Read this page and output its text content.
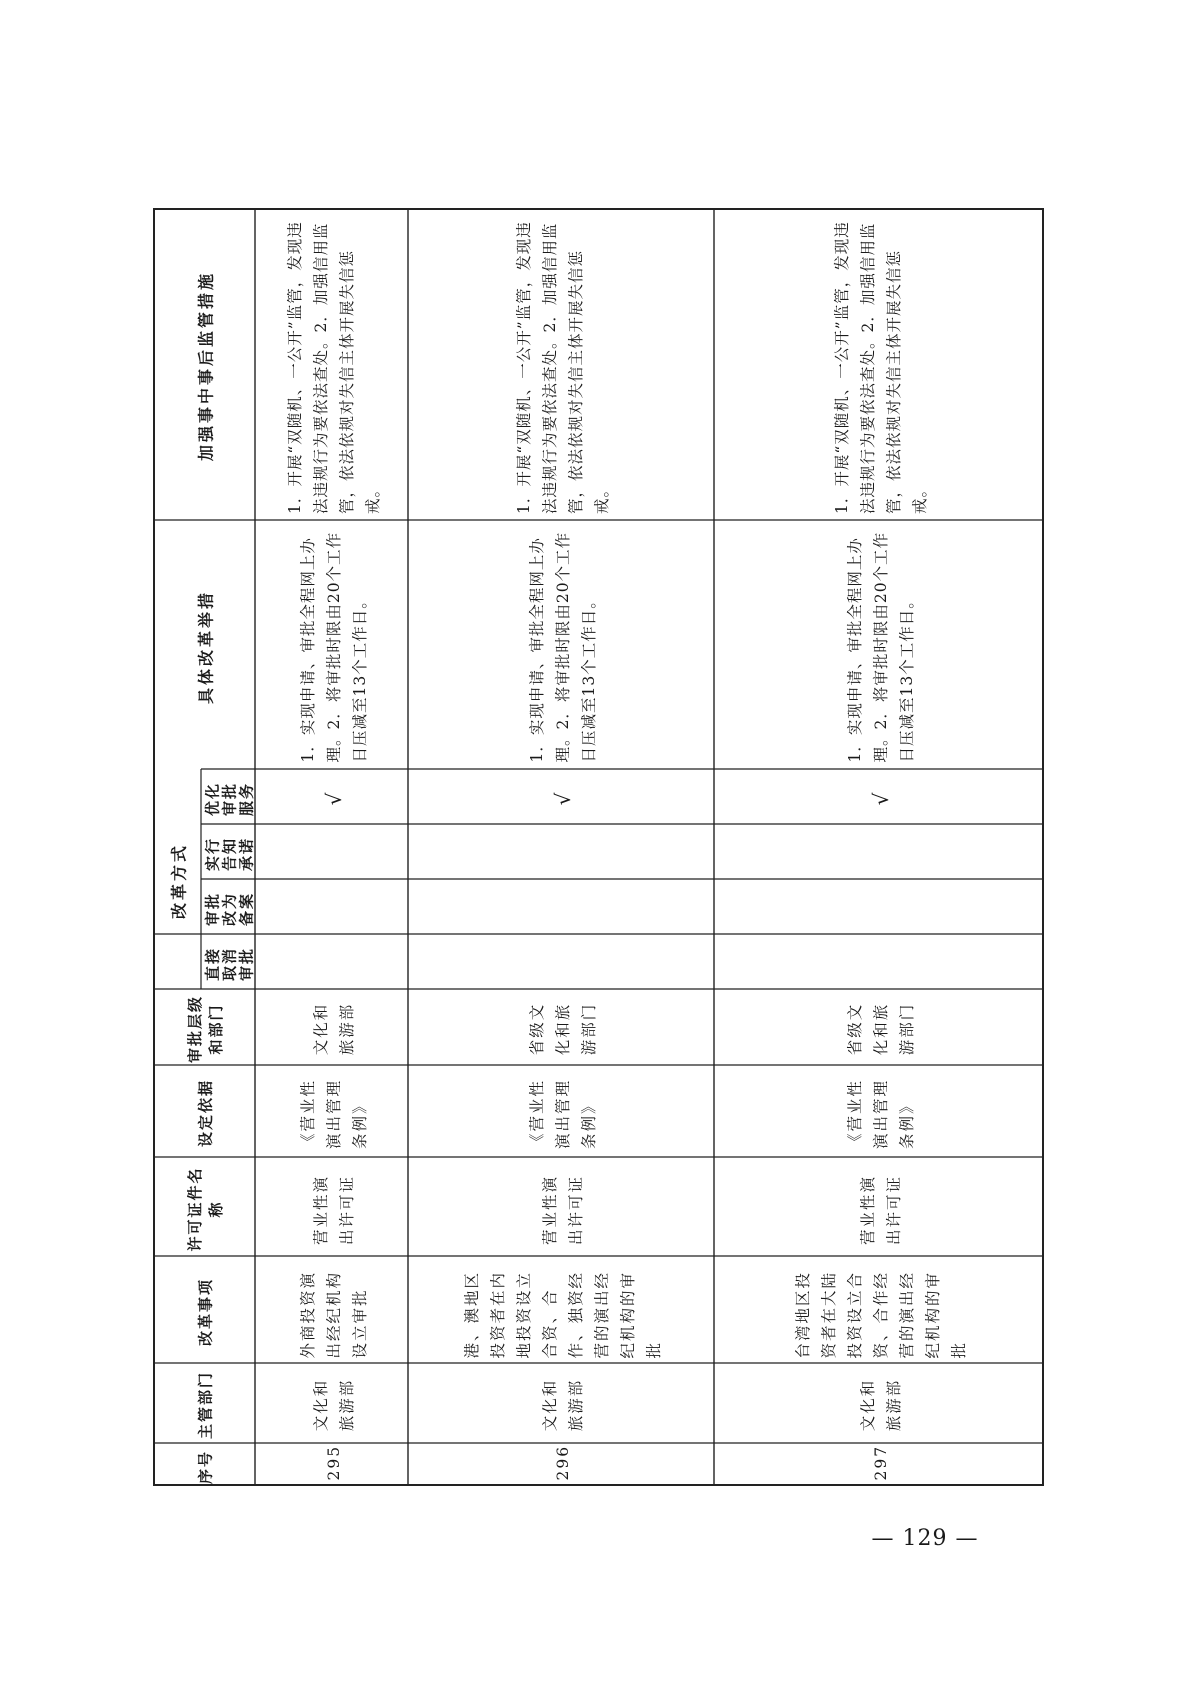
改革方式
序号
主管部门
改革事项
许可证件名称
设定依据
审批层级和部门
直接取消审批
审批改为备案
实行告知承诺
优化审批服务
具体改革举措
加强事中事后监管措施
295
文化和旅游部
外商投资演出经纪机构设立审批
营业性演出许可证
《营业性演出管理条例》
文化和旅游部
√
1．实现申请、审批全程网上办理。2．将审批时限由20个工作日压减至13个工作日。
1．开展“双随机、一公开”监管，发现违法违规行为要依法查处。2．加强信用监管，依法依规对失信主体开展失信惩戒。
296
文化和旅游部
港、澳地区投资者在内地投资设立合资、合作、独资经营的演出经纪机构的审批
营业性演出许可证
《营业性演出管理条例》
省级文化和旅游部门
√
1．实现申请、审批全程网上办理。2．将审批时限由20个工作日压减至13个工作日。
1．开展“双随机、一公开”监管，发现违法违规行为要依法查处。2．加强信用监管，依法依规对失信主体开展失信惩戒。
297
文化和旅游部
台湾地区投资者在大陆投资设立合资、合作经营的演出经纪机构的审批
营业性演出许可证
《营业性演出管理条例》
省级文化和旅游部门
√
1．实现申请、审批全程网上办理。2．将审批时限由20个工作日压减至13个工作日。
1．开展“双随机、一公开”监管，发现违法违规行为要依法查处。2．加强信用监管，依法依规对失信主体开展失信惩戒。
— 129 —
